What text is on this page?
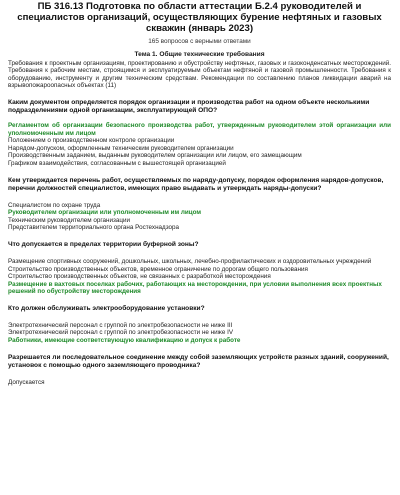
ПБ 316.13 Подготовка по области аттестации Б.2.4 руководителей и специалистов организаций, осуществляющих бурение нефтяных и газовых скважин (январь 2023)

165 вопросов с верными ответами

Тема 1. Общие технические требования

Требования к проектным организациям, проектированию и обустройству нефтяных, газовых и газоконденсатных месторождений. Требования к рабочим местам, строящимся и эксплуатируемым объектам нефтяной и газовой промышленности. Требования к оборудованию, инструменту и другим техническим средствам. Рекомендации по составлению планов ликвидации аварий на взрывопожароопасных объектах (11)

Каким документом определяется порядок организации и производства работ на одном объекте несколькими подразделениями одной организации, эксплуатирующей ОПО?

Регламентом об организации безопасного производства работ, утвержденным руководителем этой организации или уполномоченным им лицом

Положением о производственном контроле организации

Нарядом-допуском, оформленным техническим руководителем организации

Производственным заданием, выданным руководителем организации или лицом, его замещающим

Графиком взаимодействия, согласованным с вышестоящей организацией

Кем утверждается перечень работ, осуществляемых по наряду-допуску, порядок оформления нарядов-допусков, перечни должностей специалистов, имеющих право выдавать и утверждать наряды-допуски?

Специалистом по охране труда

Руководителем организации или уполномоченным им лицом

Техническим руководителем организации

Представителем территориального органа Ростехнадзора

Что допускается в пределах территории буферной зоны?

Размещение спортивных сооружений, дошкольных, школьных, лечебно-профилактических и оздоровительных учреждений

Строительство производственных объектов, временное ограничение по дорогам общего пользования

Строительство производственных объектов, не связанных с разработкой месторождения

Размещение в вахтовых поселках рабочих, работающих на месторождении, при условии выполнения всех проектных решений по обустройству месторождения

Кто должен обслуживать электрооборудование установки?

Электротехнический персонал с группой по электробезопасности не ниже III

Электротехнический персонал с группой по электробезопасности не ниже IV

Работники, имеющие соответствующую квалификацию и допуск к работе

Разрешается ли последовательное соединение между собой заземляющих устройств разных зданий, сооружений, установок с помощью одного заземляющего проводника?

Допускается
